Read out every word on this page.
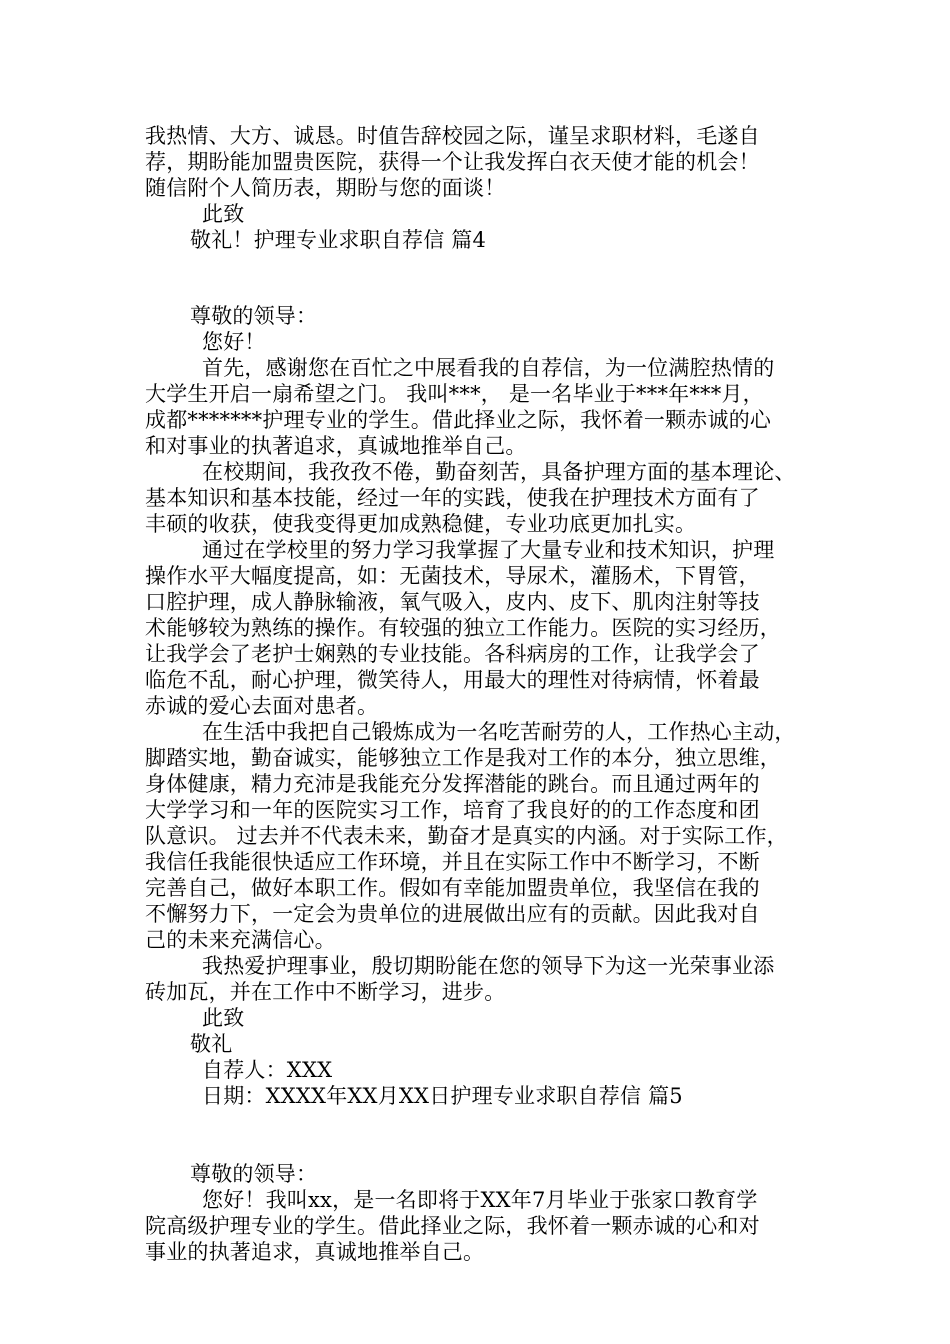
我热情、大方、诚恳。时值告辞校园之际，谨呈求职材料，毛遂自
荐，期盼能加盟贵医院，获得一个让我发挥白衣天使才能的机会！
随信附个人简历表，期盼与您的面谈！
此致
敬礼！护理专业求职自荐信 篇4
尊敬的领导：
您好！
首先，感谢您在百忙之中展看我的自荐信，为一位满腔热情的
大学生开启一扇希望之门。 我叫***， 是一名毕业于***年***月，
成都*******护理专业的学生。借此择业之际，我怀着一颗赤诚的心
和对事业的执著追求，真诚地推举自己。
在校期间，我孜孜不倦，勤奋刻苦，具备护理方面的基本理论、
基本知识和基本技能，经过一年的实践，使我在护理技术方面有了
丰硕的收获，使我变得更加成熟稳健，专业功底更加扎实。
通过在学校里的努力学习我掌握了大量专业和技术知识，护理
操作水平大幅度提高，如：无菌技术，导尿术，灌肠术，下胃管，
口腔护理，成人静脉输液，氧气吸入，皮内、皮下、肌肉注射等技
术能够较为熟练的操作。有较强的独立工作能力。医院的实习经历，
让我学会了老护士娴熟的专业技能。各科病房的工作，让我学会了
临危不乱，耐心护理，微笑待人，用最大的理性对待病情，怀着最
赤诚的爱心去面对患者。
在生活中我把自己锻炼成为一名吃苦耐劳的人，工作热心主动，
脚踏实地，勤奋诚实，能够独立工作是我对工作的本分，独立思维，
身体健康，精力充沛是我能充分发挥潜能的跳台。而且通过两年的
大学学习和一年的医院实习工作，培育了我良好的的工作态度和团
队意识。 过去并不代表未来，勤奋才是真实的内涵。对于实际工作，
我信任我能很快适应工作环境，并且在实际工作中不断学习，不断
完善自己，做好本职工作。假如有幸能加盟贵单位，我坚信在我的
不懈努力下，一定会为贵单位的进展做出应有的贡献。因此我对自
己的未来充满信心。
我热爱护理事业，殷切期盼能在您的领导下为这一光荣事业添
砖加瓦，并在工作中不断学习，进步。
此致
敬礼
自荐人：XXX
日期：XXXX年XX月XX日护理专业求职自荐信 篇5
尊敬的领导：
您好！我叫xx，是一名即将于XX年7月毕业于张家口教育学
院高级护理专业的学生。借此择业之际，我怀着一颗赤诚的心和对
事业的执著追求，真诚地推举自己。
